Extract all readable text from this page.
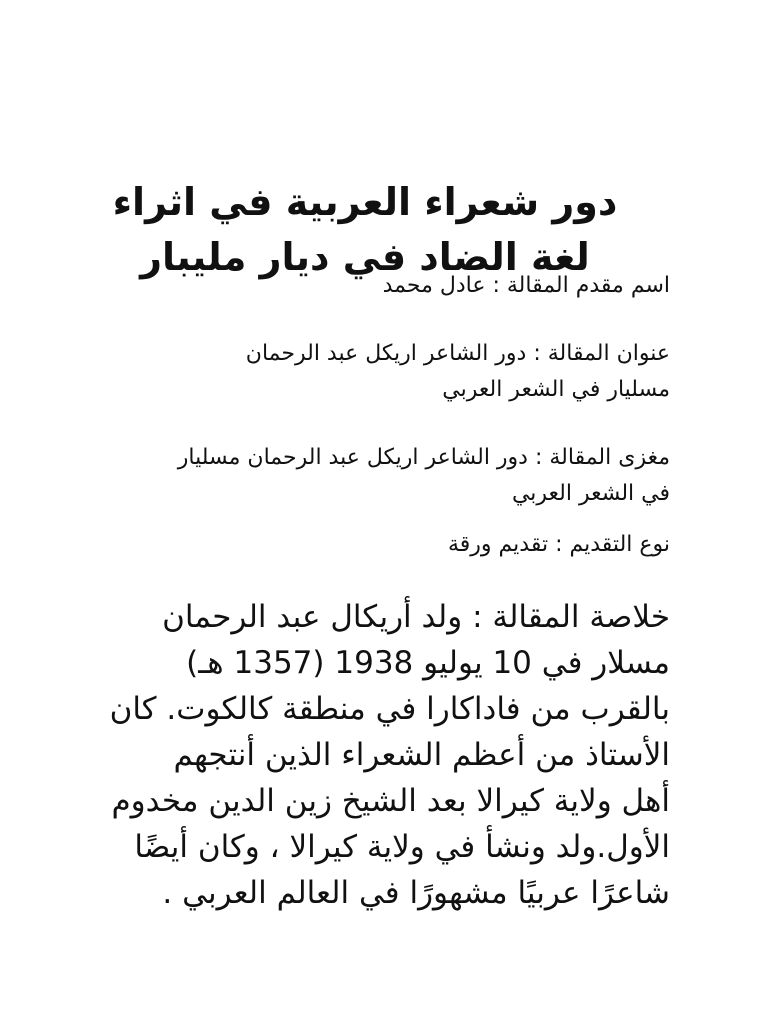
دور شعراء العربية في اثراء
لغة الضاد في ديار مليبار
اسم مقدم المقالة : عادل محمد
عنوان المقالة : دور الشاعر اريكل عبد الرحمان
مسليار في الشعر العربي
مغزى المقالة : دور الشاعر اريكل عبد الرحمان مسليار
في الشعر العربي
نوع التقديم : تقديم ورقة
خلاصة المقالة : ولد أريكال عبد الرحمان
مسلار في 10 يوليو 1938 (1357 هـ)
بالقرب من فاداكارا في منطقة كالكوت. كان
الأستاذ من أعظم الشعراء الذين أنتجهم
أهل ولاية كيرالا بعد الشيخ زين الدين مخدوم
الأول.ولد ونشأ في ولاية كيرالا ، وكان أيضًا
شاعرًا عربيًا مشهورًا في العالم العربي .
